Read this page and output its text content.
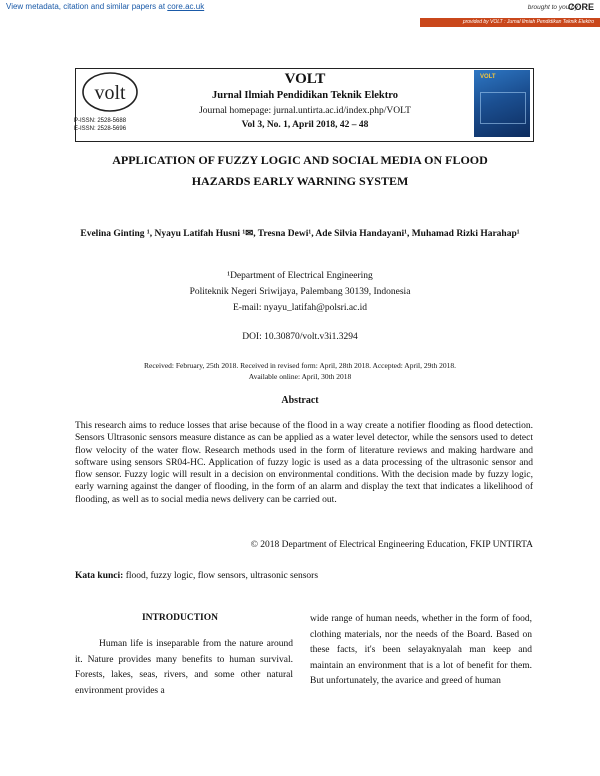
View metadata, citation and similar papers at core.ac.uk	brought to you by
CORE
provided by VOLT : Jurnal Ilmiah Pendidikan Teknik Elektro
volt
P-ISSN: 2528-5688
E-ISSN: 2528-5696
VOLT
Jurnal Ilmiah Pendidikan Teknik Elektro
Journal homepage: jurnal.untirta.ac.id/index.php/VOLT
Vol 3, No. 1, April 2018, 42 – 48
VOLT
APPLICATION OF FUZZY LOGIC AND SOCIAL MEDIA ON FLOOD HAZARDS EARLY WARNING SYSTEM
Evelina Ginting ¹, Nyayu Latifah Husni ¹✉, Tresna Dewi¹, Ade Silvia Handayani¹, Muhamad Rizki Harahap¹
¹Department of Electrical Engineering
Politeknik Negeri Sriwijaya, Palembang 30139, Indonesia
E-mail: nyayu_latifah@polsri.ac.id
DOI: 10.30870/volt.v3i1.3294
Received: February, 25th 2018. Received in revised form: April, 28th 2018. Accepted: April, 29th 2018.
Available online: April, 30th 2018
Abstract
This research aims to reduce losses that arise because of the flood in a way create a notifier flooding as flood detection. Sensors Ultrasonic sensors measure distance as can be applied as a water level detector, while the sensors used to detect flow velocity of the water flow. Research methods used in the form of literature reviews and making hardware and software using sensors SR04-HC. Application of fuzzy logic is used as a data processing of the ultrasonic sensor and flow sensor. Fuzzy logic will result in a decision on environmental conditions. With the decision made by fuzzy logic, early warning against the danger of flooding, in the form of an alarm and display the text that indicates a likelihood of flooding, as well as to social media news delivery can be carried out.
© 2018 Department of Electrical Engineering Education, FKIP UNTIRTA
Kata kunci: flood, fuzzy logic, flow sensors, ultrasonic sensors
INTRODUCTION
Human life is inseparable from the nature around it. Nature provides many benefits to human survival. Forests, lakes, seas, rivers, and some other natural environment provides a
wide range of human needs, whether in the form of food, clothing materials, nor the needs of the Board. Based on these facts, it's been selayaknyalah man keep and maintain an environment that is a lot of benefit for them. But unfortunately, the avarice and greed of human
